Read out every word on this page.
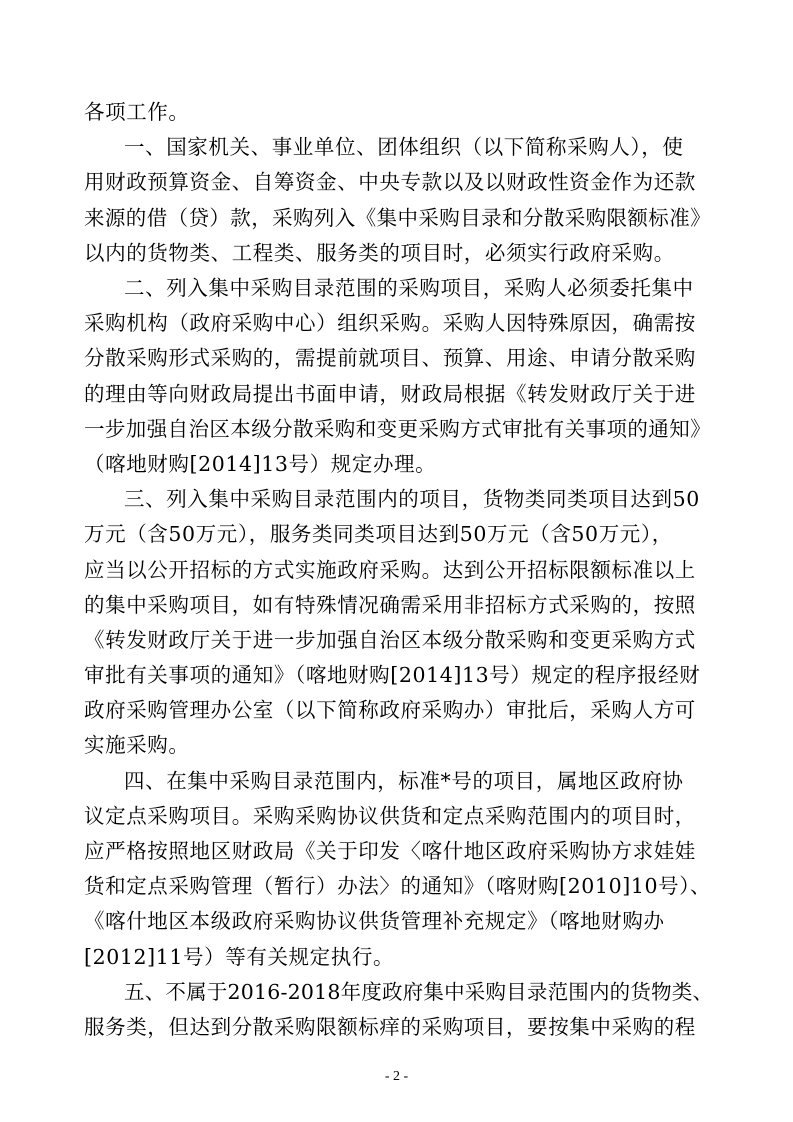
各项工作。
一、国家机关、事业单位、团体组织（以下简称采购人），使
用财政预算资金、自筹资金、中央专款以及以财政性资金作为还款
来源的借（贷）款，采购列入《集中采购目录和分散采购限额标准》
以内的货物类、工程类、服务类的项目时，必须实行政府采购。
二、列入集中采购目录范围的采购项目，采购人必须委托集中
采购机构（政府采购中心）组织采购。采购人因特殊原因，确需按
分散采购形式采购的，需提前就项目、预算、用途、申请分散采购
的理由等向财政局提出书面申请，财政局根据《转发财政厅关于进
一步加强自治区本级分散采购和变更采购方式审批有关事项的通知》
（喀地财购[2014]13号）规定办理。
三、列入集中采购目录范围内的项目，货物类同类项目达到50
万元（含50万元），服务类同类项目达到50万元（含50万元），
应当以公开招标的方式实施政府采购。达到公开招标限额标准以上
的集中采购项目，如有特殊情况确需采用非招标方式采购的，按照
《转发财政厅关于进一步加强自治区本级分散采购和变更采购方式
审批有关事项的通知》（喀地财购[2014]13号）规定的程序报经财
政府采购管理办公室（以下简称政府采购办）审批后，采购人方可
实施采购。
四、在集中采购目录范围内，标准*号的项目，属地区政府协
议定点采购项目。采购采购协议供货和定点采购范围内的项目时，
应严格按照地区财政局《关于印发〈喀什地区政府采购协方求娃娃
货和定点采购管理（暂行）办法〉的通知》（喀财购[2010]10号）、
《喀什地区本级政府采购协议供货管理补充规定》（喀地财购办
[2012]11号）等有关规定执行。
五、不属于2016-2018年度政府集中采购目录范围内的货物类、
服务类，但达到分散采购限额标痒的采购项目，要按集中采购的程
- 2 -
